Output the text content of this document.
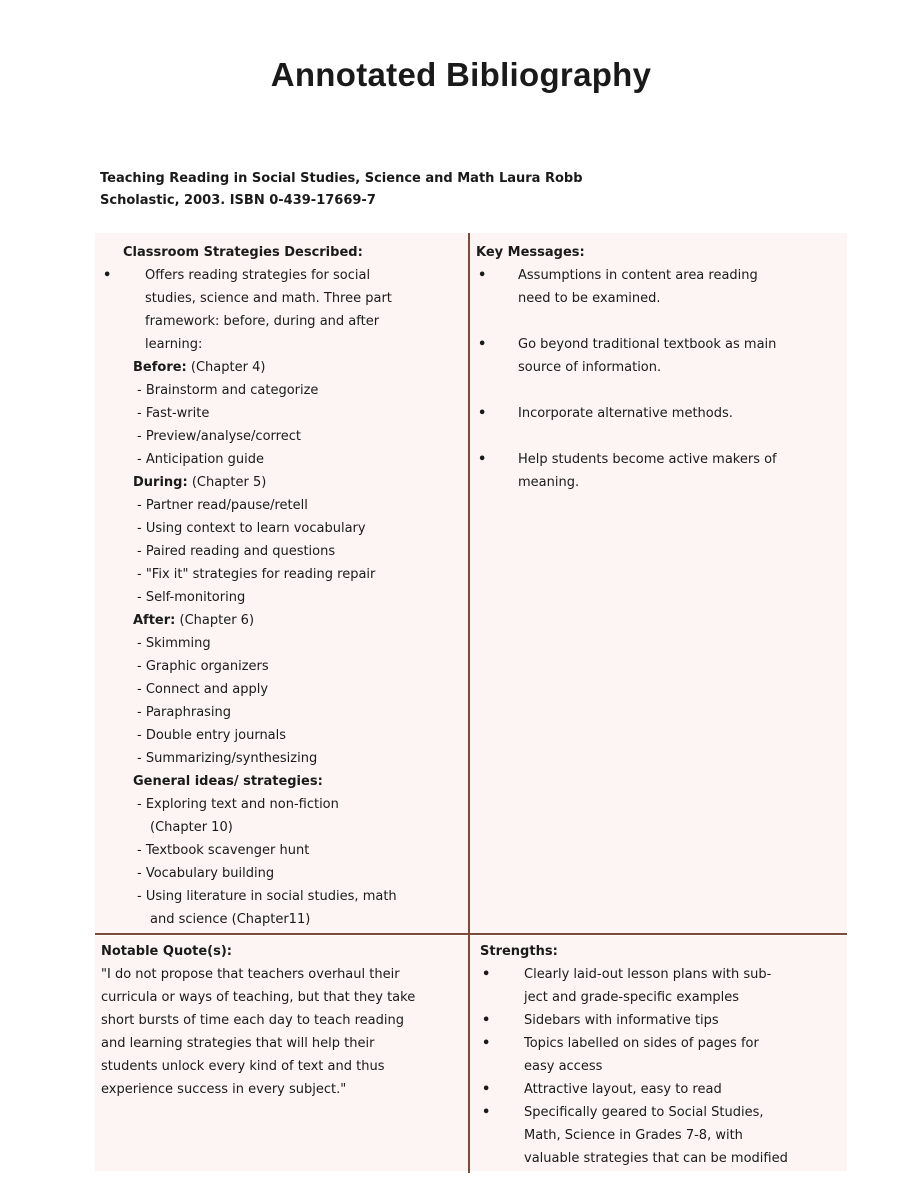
Annotated Bibliography
Teaching Reading in Social Studies, Science and Math Laura Robb
Scholastic, 2003. ISBN 0-439-17669-7
Classroom Strategies Described:
•	Offers reading strategies for social
studies, science and math. Three part
framework: before, during and after
learning:
Before: (Chapter 4)
- Brainstorm and categorize
- Fast-write
- Preview/analyse/correct
- Anticipation guide
During: (Chapter 5)
- Partner read/pause/retell
- Using context to learn vocabulary
- Paired reading and questions
- "Fix it" strategies for reading repair
- Self-monitoring
After: (Chapter 6)
- Skimming
- Graphic organizers
- Connect and apply
- Paraphrasing
- Double entry journals
- Summarizing/synthesizing
General ideas/ strategies:
- Exploring text and non-fiction
(Chapter 10)
- Textbook scavenger hunt
- Vocabulary building
- Using literature in social studies, math
and science (Chapter11)
Key Messages:
• Assumptions in content area reading
need to be examined.
• Go beyond traditional textbook as main
source of information.
• Incorporate alternative methods.
• Help students become active makers of
meaning.
Notable Quote(s):
"I do not propose that teachers overhaul their
curricula or ways of teaching, but that they take
short bursts of time each day to teach reading
and learning strategies that will help their
students unlock every kind of text and thus
experience success in every subject."
Strengths:
•	Clearly laid-out lesson plans with sub-
ject and grade-specific examples
•	Sidebars with informative tips
•	Topics labelled on sides of pages for
easy access
•	Attractive layout, easy to read
•	Specifically geared to Social Studies,
Math, Science in Grades 7-8, with
valuable strategies that can be modified
